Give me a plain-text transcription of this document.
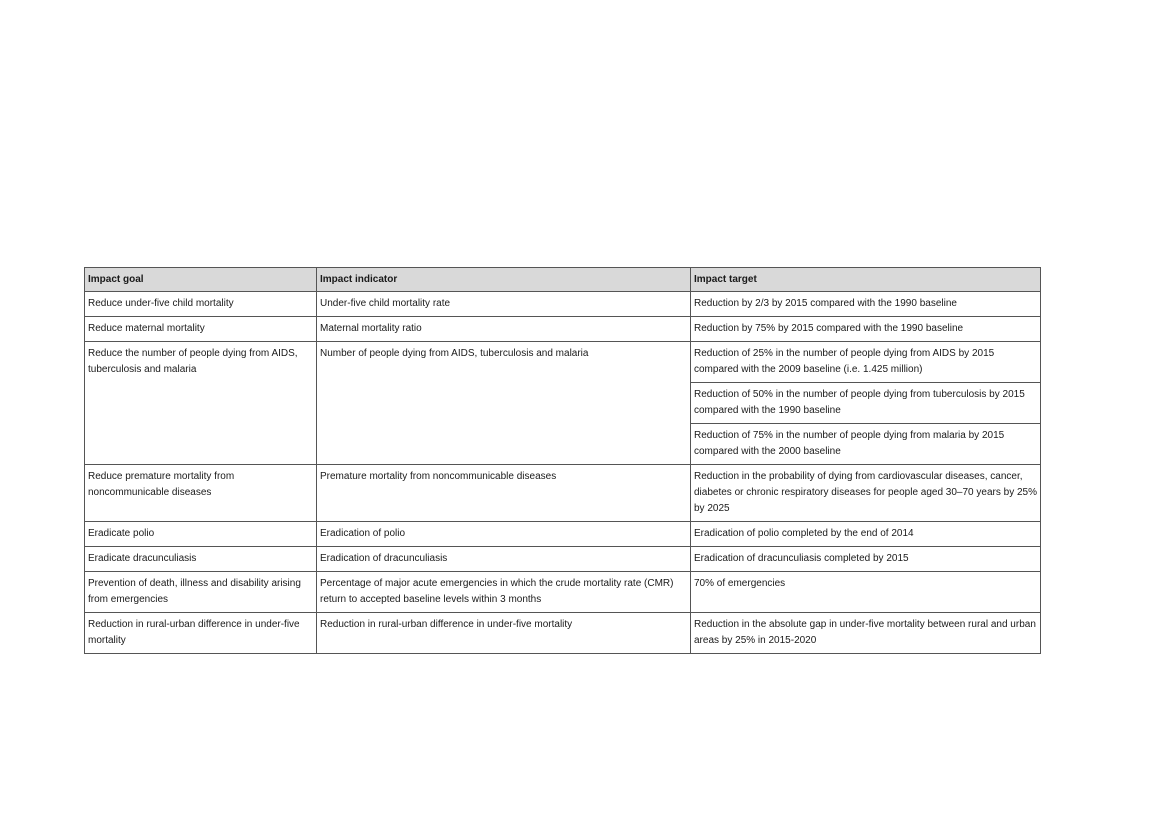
Impact goal	Impact indicator	Impact target
Reduce under-five child mortality	Under-five child mortality rate	Reduction by 2/3 by 2015 compared with the 1990 baseline
Reduce maternal mortality	Maternal mortality ratio	Reduction by 75% by 2015 compared with the 1990 baseline
Reduce the number of people dying from AIDS, tuberculosis and malaria	Number of people dying from AIDS, tuberculosis and malaria	Reduction of 25% in the number of people dying from AIDS by 2015 compared with the 2009 baseline (i.e. 1.425 million)
		Reduction of 50% in the number of people dying from tuberculosis by 2015 compared with the 1990 baseline
		Reduction of 75% in the number of people dying from malaria by 2015 compared with the 2000 baseline
Reduce premature mortality from noncommunicable diseases	Premature mortality from noncommunicable diseases	Reduction in the probability of dying from cardiovascular diseases, cancer, diabetes or chronic respiratory diseases for people aged 30–70 years by 25% by 2025
Eradicate polio	Eradication of polio	Eradication of polio completed by the end of 2014
Eradicate dracunculiasis	Eradication of dracunculiasis	Eradication of dracunculiasis completed by 2015
Prevention of death, illness and disability arising from emergencies	Percentage of major acute emergencies in which the crude mortality rate (CMR) return to accepted baseline levels within 3 months	70% of emergencies
Reduction in rural-urban difference in under-five mortality	Reduction in rural-urban difference in under-five mortality	Reduction in the absolute gap in under-five mortality between rural and urban areas by 25% in 2015-2020
